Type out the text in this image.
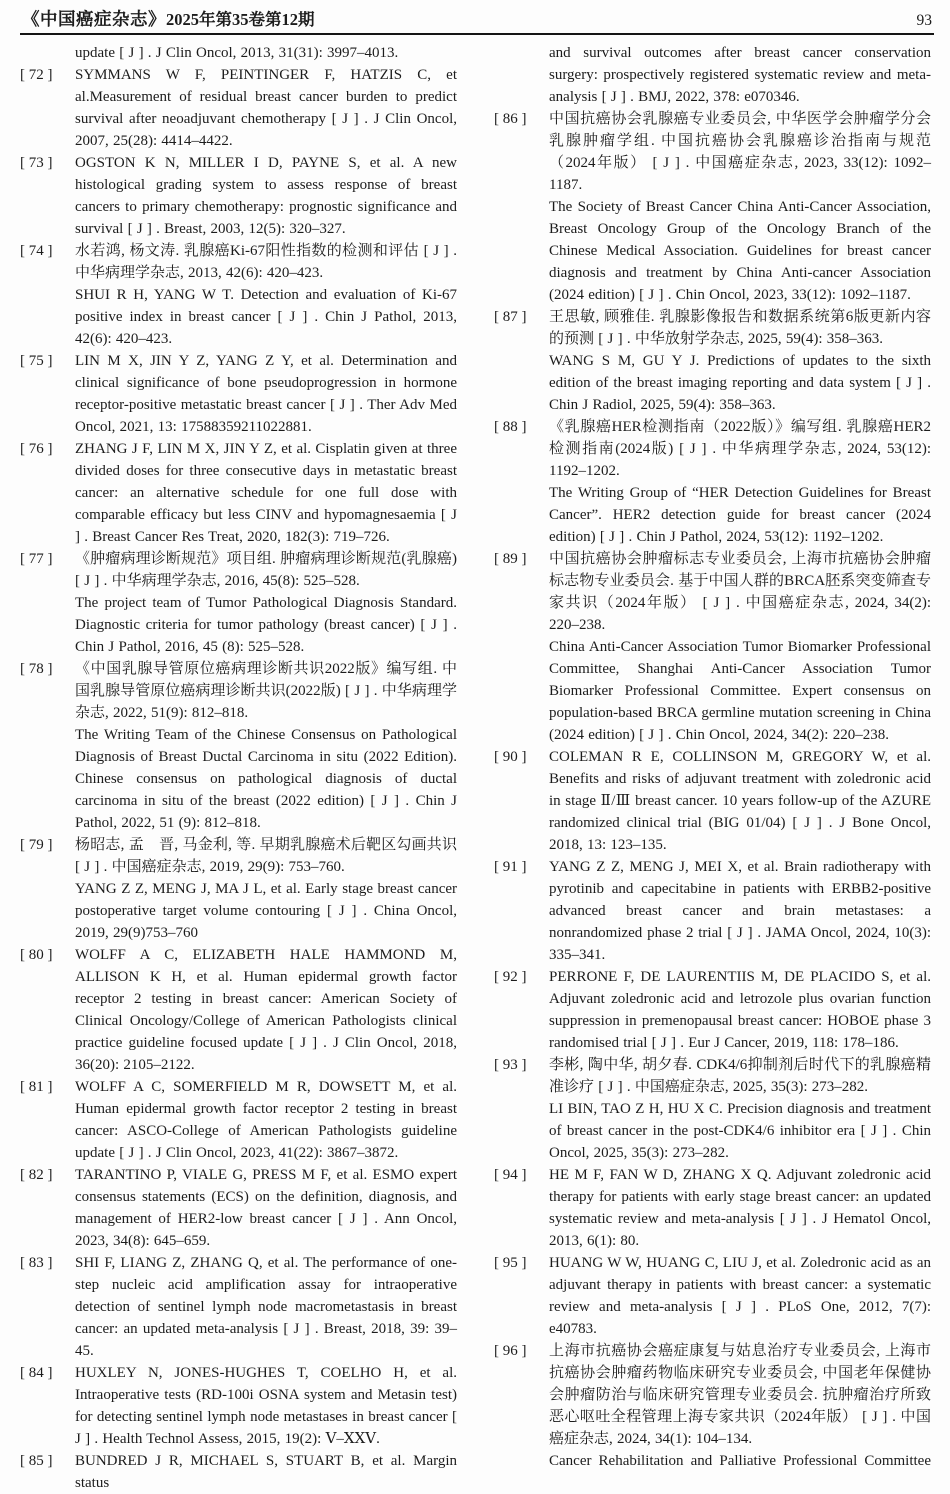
《中国癌症杂志》2025年第35卷第12期	93

update [ J ] . J Clin Oncol, 2013, 31(31): 3997–4013.

[ 72 ]	SYMMANS W F, PEINTINGER F, HATZIS C, et al.Measurement of residual breast cancer burden to predict survival after neoadjuvant chemotherapy [ J ] . J Clin Oncol, 2007, 25(28): 4414–4422.

[ 73 ]	OGSTON K N, MILLER I D, PAYNE S, et al. A new histological grading system to assess response of breast cancers to primary chemotherapy: prognostic significance and survival [ J ] . Breast, 2003, 12(5): 320–327.

[ 74 ]	水若鸿, 杨文涛. 乳腺癌Ki-67阳性指数的检测和评估 [ J ] . 中华病理学杂志, 2013, 42(6): 420–423.

SHUI R H, YANG W T. Detection and evaluation of Ki-67 positive index in breast cancer [ J ] . Chin J Pathol, 2013, 42(6): 420–423.

[ 75 ]	LIN M X, JIN Y Z, YANG Z Y, et al. Determination and clinical significance of bone pseudoprogression in hormone receptor-positive metastatic breast cancer [ J ] . Ther Adv Med Oncol, 2021, 13: 17588359211022881.

[ 76 ]	ZHANG J F, LIN M X, JIN Y Z, et al. Cisplatin given at three divided doses for three consecutive days in metastatic breast cancer: an alternative schedule for one full dose with comparable efficacy but less CINV and hypomagnesaemia [ J ] . Breast Cancer Res Treat, 2020, 182(3): 719–726.

[ 77 ]	《肿瘤病理诊断规范》项目组. 肿瘤病理诊断规范(乳腺癌) [ J ] . 中华病理学杂志, 2016, 45(8): 525–528.

The project team of Tumor Pathological Diagnosis Standard. Diagnostic criteria for tumor pathology (breast cancer) [ J ] . Chin J Pathol, 2016, 45 (8): 525–528.

[ 78 ]	《中国乳腺导管原位癌病理诊断共识2022版》编写组. 中国乳腺导管原位癌病理诊断共识(2022版) [ J ] . 中华病理学杂志, 2022, 51(9): 812–818.

The Writing Team of the Chinese Consensus on Pathological Diagnosis of Breast Ductal Carcinoma in situ (2022 Edition). Chinese consensus on pathological diagnosis of ductal carcinoma in situ of the breast (2022 edition) [ J ] . Chin J Pathol, 2022, 51 (9): 812–818.

[ 79 ]	杨昭志, 孟　晋, 马金利, 等. 早期乳腺癌术后靶区勾画共识 [ J ] . 中国癌症杂志, 2019, 29(9): 753–760.

YANG Z Z, MENG J, MA J L, et al. Early stage breast cancer postoperative target volume contouring [ J ] . China Oncol, 2019, 29(9)753–760

[ 80 ]	WOLFF A C, ELIZABETH HALE HAMMOND M, ALLISON K H, et al. Human epidermal growth factor receptor 2 testing in breast cancer: American Society of Clinical Oncology/College of American Pathologists clinical practice guideline focused update [ J ] . J Clin Oncol, 2018, 36(20): 2105–2122.

[ 81 ]	WOLFF A C, SOMERFIELD M R, DOWSETT M, et al. Human epidermal growth factor receptor 2 testing in breast cancer: ASCO-College of American Pathologists guideline update [ J ] . J Clin Oncol, 2023, 41(22): 3867–3872.

[ 82 ]	TARANTINO P, VIALE G, PRESS M F, et al. ESMO expert consensus statements (ECS) on the definition, diagnosis, and management of HER2-low breast cancer [ J ] . Ann Oncol, 2023, 34(8): 645–659.

[ 83 ]	SHI F, LIANG Z, ZHANG Q, et al. The performance of one-step nucleic acid amplification assay for intraoperative detection of sentinel lymph node macrometastasis in breast cancer: an updated meta-analysis [ J ] . Breast, 2018, 39: 39–45.

[ 84 ]	HUXLEY N, JONES-HUGHES T, COELHO H, et al. Intraoperative tests (RD-100i OSNA system and Metasin test) for detecting sentinel lymph node metastases in breast cancer [ J ] . Health Technol Assess, 2015, 19(2): Ⅴ–ⅩⅩⅤ.

[ 85 ]	BUNDRED J R, MICHAEL S, STUART B, et al. Margin status

and survival outcomes after breast cancer conservation surgery: prospectively registered systematic review and meta-analysis [ J ] . BMJ, 2022, 378: e070346.

[ 86 ]	中国抗癌协会乳腺癌专业委员会, 中华医学会肿瘤学分会乳腺肿瘤学组. 中国抗癌协会乳腺癌诊治指南与规范（2024年版） [ J ] . 中国癌症杂志, 2023, 33(12): 1092–1187.

The Society of Breast Cancer China Anti-Cancer Association, Breast Oncology Group of the Oncology Branch of the Chinese Medical Association. Guidelines for breast cancer diagnosis and treatment by China Anti-cancer Association (2024 edition) [ J ] . Chin Oncol, 2023, 33(12): 1092–1187.

[ 87 ]	王思敏, 顾雅佳. 乳腺影像报告和数据系统第6版更新内容的预测 [ J ] . 中华放射学杂志, 2025, 59(4): 358–363.

WANG S M, GU Y J. Predictions of updates to the sixth edition of the breast imaging reporting and data system [ J ] . Chin J Radiol, 2025, 59(4): 358–363.

[ 88 ]	《乳腺癌HER检测指南（2022版）》编写组. 乳腺癌HER2检测指南(2024版) [ J ] . 中华病理学杂志, 2024, 53(12): 1192–1202.

The Writing Group of “HER Detection Guidelines for Breast Cancer”. HER2 detection guide for breast cancer (2024 edition) [ J ] . Chin J Pathol, 2024, 53(12): 1192–1202.

[ 89 ]	中国抗癌协会肿瘤标志专业委员会, 上海市抗癌协会肿瘤标志物专业委员会. 基于中国人群的BRCA胚系突变筛查专家共识（2024年版） [ J ] . 中国癌症杂志, 2024, 34(2): 220–238.

China Anti-Cancer Association Tumor Biomarker Professional Committee, Shanghai Anti-Cancer Association Tumor Biomarker Professional Committee. Expert consensus on population-based BRCA germline mutation screening in China (2024 edition) [ J ] . Chin Oncol, 2024, 34(2): 220–238.

[ 90 ]	COLEMAN R E, COLLINSON M, GREGORY W, et al. Benefits and risks of adjuvant treatment with zoledronic acid in stage Ⅱ/Ⅲ breast cancer. 10 years follow-up of the AZURE randomized clinical trial (BIG 01/04) [ J ] . J Bone Oncol, 2018, 13: 123–135.

[ 91 ]	YANG Z Z, MENG J, MEI X, et al. Brain radiotherapy with pyrotinib and capecitabine in patients with ERBB2-positive advanced breast cancer and brain metastases: a nonrandomized phase 2 trial [ J ] . JAMA Oncol, 2024, 10(3): 335–341.

[ 92 ]	PERRONE F, DE LAURENTIIS M, DE PLACIDO S, et al. Adjuvant zoledronic acid and letrozole plus ovarian function suppression in premenopausal breast cancer: HOBOE phase 3 randomised trial [ J ] . Eur J Cancer, 2019, 118: 178–186.

[ 93 ]	李彬, 陶中华, 胡夕春. CDK4/6抑制剂后时代下的乳腺癌精准诊疗 [ J ] . 中国癌症杂志, 2025, 35(3): 273–282.

LI BIN, TAO Z H, HU X C. Precision diagnosis and treatment of breast cancer in the post-CDK4/6 inhibitor era [ J ] . Chin Oncol, 2025, 35(3): 273–282.

[ 94 ]	HE M F, FAN W D, ZHANG X Q. Adjuvant zoledronic acid therapy for patients with early stage breast cancer: an updated systematic review and meta-analysis [ J ] . J Hematol Oncol, 2013, 6(1): 80.

[ 95 ]	HUANG W W, HUANG C, LIU J, et al. Zoledronic acid as an adjuvant therapy in patients with breast cancer: a systematic review and meta-analysis [ J ] . PLoS One, 2012, 7(7): e40783.

[ 96 ]	上海市抗癌协会癌症康复与姑息治疗专业委员会, 上海市抗癌协会肿瘤药物临床研究专业委员会, 中国老年保健协会肿瘤防治与临床研究管理专业委员会. 抗肿瘤治疗所致恶心呕吐全程管理上海专家共识（2024年版） [ J ] . 中国癌症杂志, 2024, 34(1): 104–134.

Cancer Rehabilitation and Palliative Professional Committee
